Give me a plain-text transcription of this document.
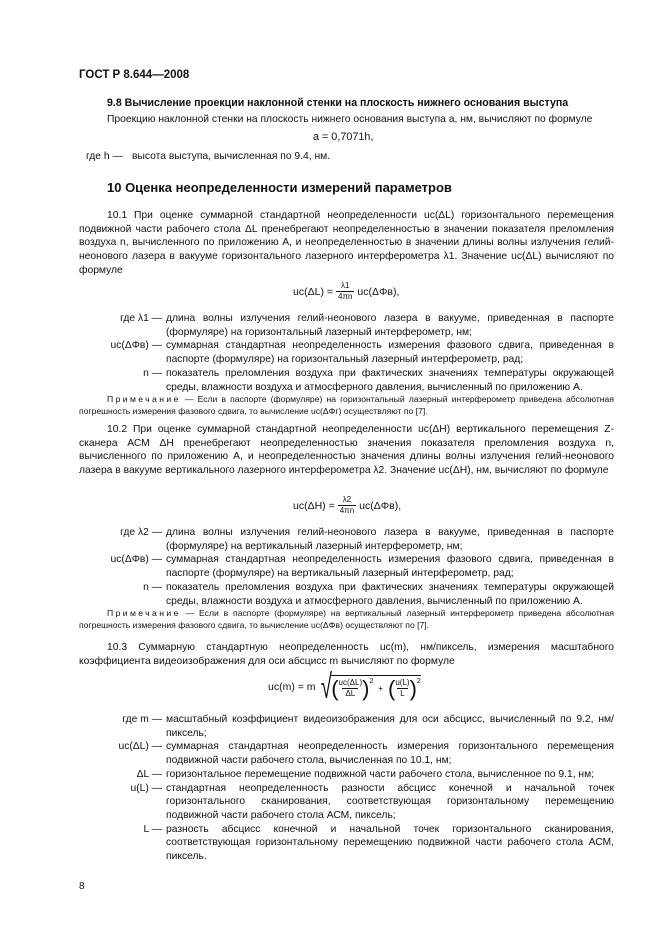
ГОСТ Р 8.644—2008
9.8 Вычисление проекции наклонной стенки на плоскость нижнего основания выступа
Проекцию наклонной стенки на плоскость нижнего основания выступа a, нм, вычисляют по формуле
a = 0,7071h,
где h — высота выступа, вычисленная по 9.4, нм.
10 Оценка неопределенности измерений параметров
10.1 При оценке суммарной стандартной неопределенности uc(ΔL) горизонтального перемещения подвижной части рабочего стола ΔL пренебрегают неопределенностью в значении показателя преломления воздуха n, вычисленного по приложению А, и неопределенностью в значении длины волны излучения гелий-неонового лазера в вакууме горизонтального лазерного интерферометра λ1. Значение uc(ΔL) вычисляют по формуле
$uc(\Delta L) = \frac{\lambda 1}{4\pi n} uc(\Delta\Phi в)$,
где λ1 — длина волны излучения гелий-неонового лазера в вакууме, приведенная в паспорте (формуляре) на горизонтальный лазерный интерферометр, нм;
uc(ΔΦв) — суммарная стандартная неопределенность измерения фазового сдвига, приведенная в паспорте (формуляре) на горизонтальный лазерный интерферометр, рад;
n — показатель преломления воздуха при фактических значениях температуры окружающей среды, влажности воздуха и атмосферного давления, вычисленный по приложению А.
Примечание — Если в паспорте (формуляре) на горизонтальный лазерный интерферометр приведена абсолютная погрешность измерения фазового сдвига, то вычисление uc(ΔΦг) осуществляют по [7].
10.2 При оценке суммарной стандартной неопределенности uc(ΔH) вертикального перемещения Z-сканера АСМ ΔH пренебрегают неопределенностью значения показателя преломления воздуха n, вычисленного по приложению А, и неопределенностью значения длины волны излучения гелий-неонового лазера в вакууме вертикального лазерного интерферометра λ2. Значение uc(ΔH), нм, вычисляют по формуле
$uc(\Delta H) = \frac{\lambda 2}{4\pi n} uc(\Delta\Phi в)$,
где λ2 — длина волны излучения гелий-неонового лазера в вакууме, приведенная в паспорте (формуляре) на вертикальный лазерный интерферометр, нм;
uc(ΔΦв) — суммарная стандартная неопределенность измерения фазового сдвига, приведенная в паспорте (формуляре) на вертикальный лазерный интерферометр, рад;
n — показатель преломления воздуха при фактических значениях температуры окружающей среды, влажности воздуха и атмосферного давления, вычисленный по приложению А.
Примечание — Если в паспорте (формуляре) на вертикальный лазерный интерферометр приведена абсолютная погрешность измерения фазового сдвига, то вычисление uc(ΔΦв) осуществляют по [7].
10.3 Суммарную стандартную неопределенность uc(m), нм/пиксель, измерения масштабного коэффициента видеоизображения для оси абсцисс m вычисляют по формуле
uc(m) = m √ ( $\frac{uc(\Delta L)}{\Delta L} )^2$
+ ( $\frac{u(L)}{L} )^2$
где m — масштабный коэффициент видеоизображения для оси абсцисс, вычисленный по 9.2, нм/пиксель;
uc(ΔL) — суммарная стандартная неопределенность измерения горизонтального перемещения подвижной части рабочего стола, вычисленная по 10.1, нм;
ΔL — горизонтальное перемещение подвижной части рабочего стола, вычисленное по 9.1, нм;
u(L) — стандартная неопределенность разности абсцисс конечной и начальной точек горизонтального сканирования, соответствующая горизонтальному перемещению подвижной части рабочего стола АСМ, пиксель;
L — разность абсцисс конечной и начальной точек горизонтального сканирования, соответствующая горизонтальному перемещению подвижной части рабочего стола АСМ, пиксель.
8
